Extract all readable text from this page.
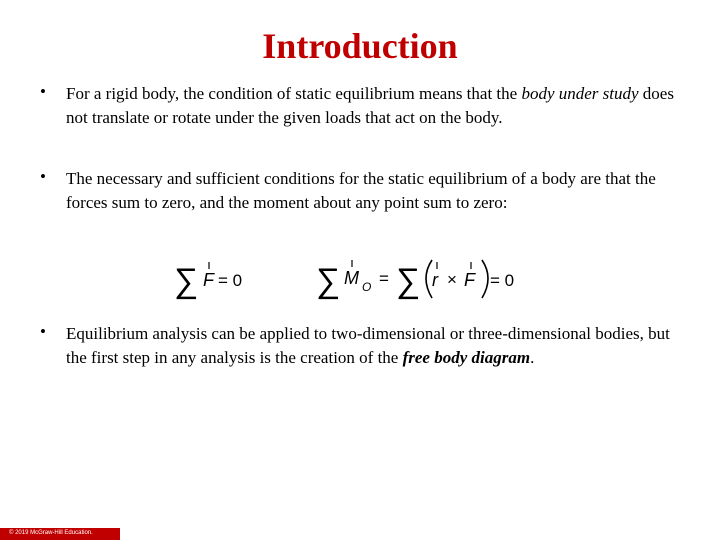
Introduction
• For a rigid body, the condition of static equilibrium means that the body under study does not translate or rotate under the given loads that act on the body.
• The necessary and sufficient conditions for the static equilibrium of a body are that the forces sum to zero, and the moment about any point sum to zero:
∑ F = 0 ∑ M O = ∑ r × F = 0
• Equilibrium analysis can be applied to two-dimensional or three-dimensional bodies, but the first step in any analysis is the creation of the free body diagram.
© 2019 McGraw-Hill Education.
